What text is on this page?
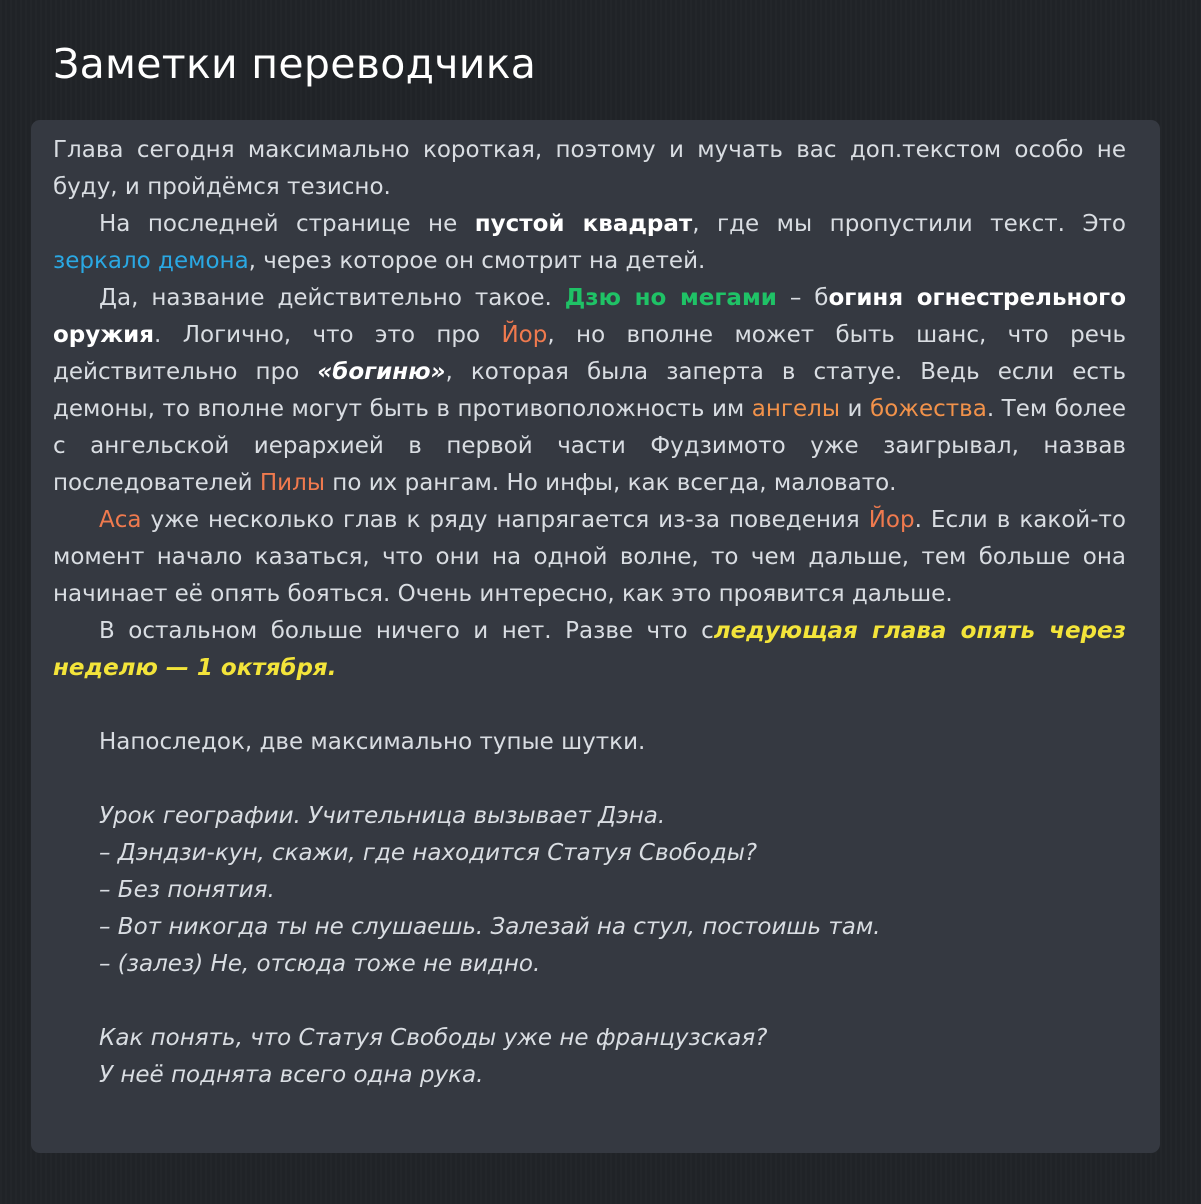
Заметки переводчика

Глава сегодня максимально короткая, поэтому и мучать вас доп.текстом особо не буду, и пройдёмся тезисно.

На последней странице не пустой квадрат, где мы пропустили текст. Это зеркало демона, через которое он смотрит на детей.

Да, название действительно такое. Дзю но мегами – богиня огнестрельного оружия. Логично, что это про Йор, но вполне может быть шанс, что речь действительно про «богиню», которая была заперта в статуе. Ведь если есть демоны, то вполне могут быть в противоположность им ангелы и божества. Тем более с ангельской иерархией в первой части Фудзимото уже заигрывал, назвав последователей Пилы по их рангам. Но инфы, как всегда, маловато.

Аса уже несколько глав к ряду напрягается из-за поведения Йор. Если в какой-то момент начало казаться, что они на одной волне, то чем дальше, тем больше она начинает её опять бояться. Очень интересно, как это проявится дальше.

В остальном больше ничего и нет. Разве что следующая глава опять через неделю — 1 октября.

Напоследок, две максимально тупые шутки.

Урок географии. Учительница вызывает Дэна.

– Дэндзи-кун, скажи, где находится Статуя Свободы?

– Без понятия.

– Вот никогда ты не слушаешь. Залезай на стул, постоишь там.

– (залез) Не, отсюда тоже не видно.

Как понять, что Статуя Свободы уже не французская?

У неё поднята всего одна рука.
